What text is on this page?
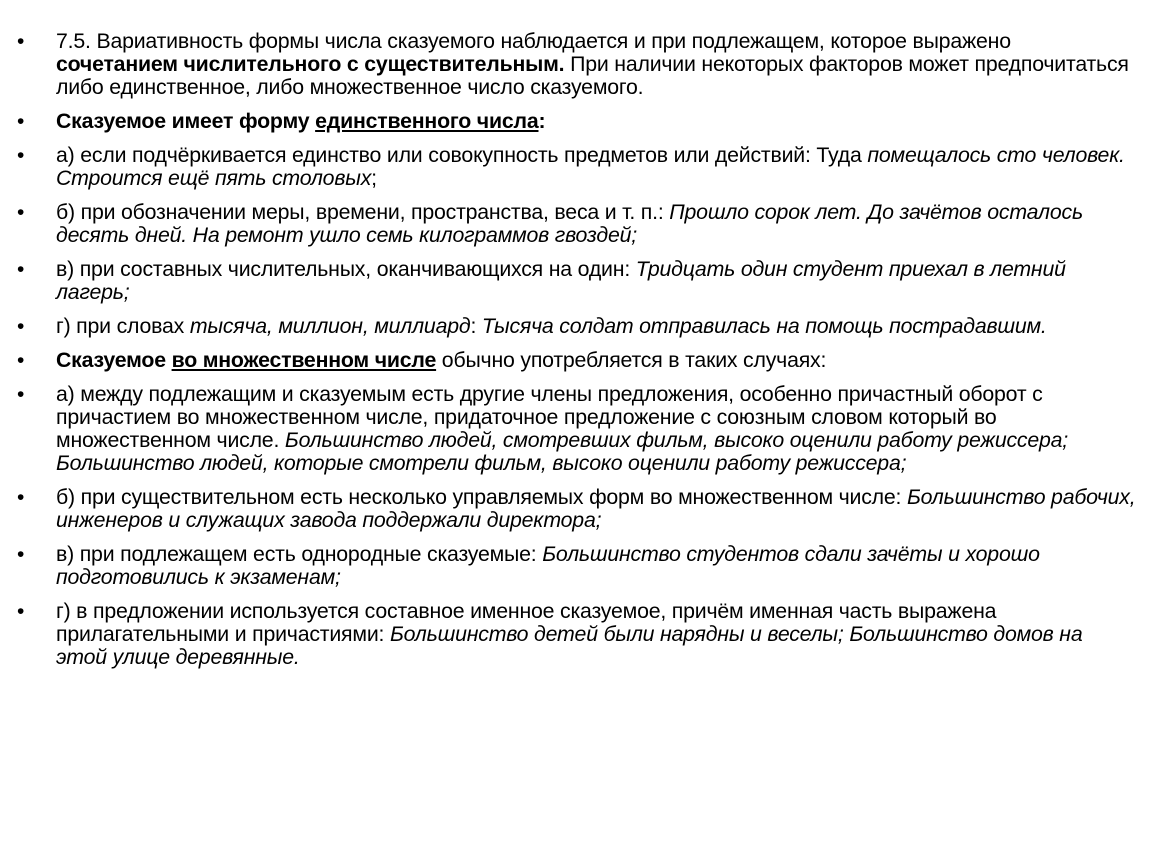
• 7.5. Вариативность формы числа сказуемого наблюдается и при подлежащем, которое выражено сочетанием числительного с существительным. При наличии некоторых факторов может предпочитаться либо единственное, либо множественное число сказуемого.
• Сказуемое имеет форму единственного числа:
• а) если подчёркивается единство или совокупность предметов или действий: Туда помещалось сто человек. Строится ещё пять столовых;
• б) при обозначении меры, времени, пространства, веса и т. п.: Прошло сорок лет. До зачётов осталось десять дней. На ремонт ушло семь килограммов гвоздей;
• в) при составных числительных, оканчивающихся на один: Тридцать один студент приехал в летний лагерь;
• г) при словах тысяча, миллион, миллиард: Тысяча солдат отправилась на помощь пострадавшим.
• Сказуемое во множественном числе обычно употребляется в таких случаях:
• а) между подлежащим и сказуемым есть другие члены предложения, особенно причастный оборот с причастием во множественном числе, придаточное предложение с союзным словом который во множественном числе. Большинство людей, смотревших фильм, высоко оценили работу режиссера; Большинство людей, которые смотрели фильм, высоко оценили работу режиссера;
• б) при существительном есть несколько управляемых форм во множественном числе: Большинство рабочих, инженеров и служащих завода поддержали директора;
• в) при подлежащем есть однородные сказуемые: Большинство студентов сдали зачёты и хорошо подготовились к экзаменам;
• г) в предложении используется составное именное сказуемое, причём именная часть выражена прилагательными и причастиями: Большинство детей были нарядны и веселы; Большинство домов на этой улице деревянные.
